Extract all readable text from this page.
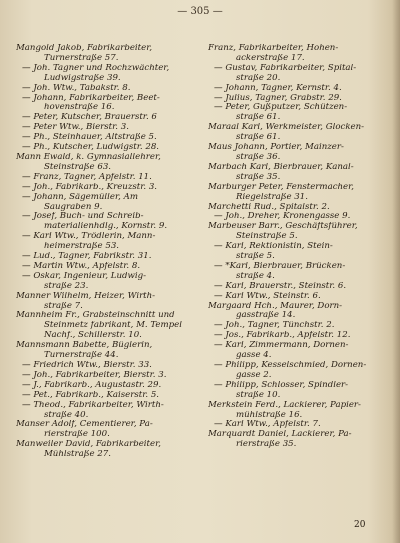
— 305 —
Mangold Jakob, Fabrikarbeiter,
Turnerstraße 57.
— Joh. Tagner und Rochzwächter,
Ludwigstraße 39.
— Joh. Wtw., Tabakstr. 8.
— Johann, Fabrikarbeiter, Beet-
hovenstraße 16.
— Peter, Kutscher, Brauerstr. 6
— Peter Wtw., Bierstr. 3.
— Ph., Steinhauer, Altstraße 5.
— Ph., Kutscher, Ludwigstr. 28.
Mann Ewald, k. Gymnasiallehrer,
Steinstraße 63.
— Franz, Tagner, Apfelstr. 11.
— Joh., Fabrikarb., Kreuzstr. 3.
— Johann, Sägemüller, Am
Saugraben 9.
— Josef, Buch- und Schreib-
materialienhdlg., Kornstr. 9.
— Karl Wtw., Trödlerin, Mann-
heimerstraße 53.
— Lud., Tagner, Fabrikstr. 31.
— Martin Wtw., Apfelstr. 8.
— Oskar, Ingenieur, Ludwig-
straße 23.
Manner Wilhelm, Heizer, Wirth-
straße 7.
Mannheim Fr., Grabsteinschnitt und
Steinmetz fabrikant, M. Tempel
Nachf., Schillerstr. 10.
Mannsmann Babette, Büglerin,
Turnerstraße 44.
— Friedrich Wtw., Bierstr. 33.
— Joh., Fabrikarbeiter, Bierstr. 3.
— J., Fabrikarb., Augustastr. 29.
— Pet., Fabrikarb., Kaiserstr. 5.
— Theod., Fabrikarbeiter, Wirth-
straße 40.
Manser Adolf, Cementierer, Pa-
rierstraße 100.
Manweiler David, Fabrikarbeiter,
Mühlstraße 27.
Franz, Fabrikarbeiter, Hohen-
ackerstraße 17.
— Gustav, Fabrikarbeiter, Spital-
straße 20.
— Johann, Tagner, Kernstr. 4.
— Julius, Tagner, Grabstr. 29.
— Peter, Gußputzer, Schützen-
straße 61.
Maraal Karl, Werkmeister, Glocken-
straße 61.
Maus Johann, Portier, Mainzer-
straße 36.
Marbach Karl, Bierbrauer, Kanal-
straße 35.
Marburger Peter, Fenstermacher,
Riegelstraße 31.
Marchetti Rud., Spitalstr. 2.
— Joh., Dreher, Kronengasse 9.
Marbeuser Barr., Geschäftsführer,
Steinstraße 5.
— Karl, Rektionistin, Stein-
straße 5.
— *Karl, Bierbrauer, Brücken-
straße 4.
— Karl, Brauerstr., Steinstr. 6.
— Karl Wtw., Steinstr. 6.
Margaard Hch., Maurer, Dorn-
gasstraße 14.
— Joh., Tagner, Tünchstr. 2.
— Jos., Fabrikarb., Apfelstr. 12.
— Karl, Zimmermann, Dornen-
gasse 4.
— Philipp, Kesselschmied, Dornen-
gasse 2.
— Philipp, Schlosser, Spindler-
straße 10.
Merkstein Ferd., Lackierer, Papier-
mühlstraße 16.
— Karl Wtw., Apfelstr. 7.
Marquardt Daniel, Lackierer, Pa-
rierstraße 35.
20
